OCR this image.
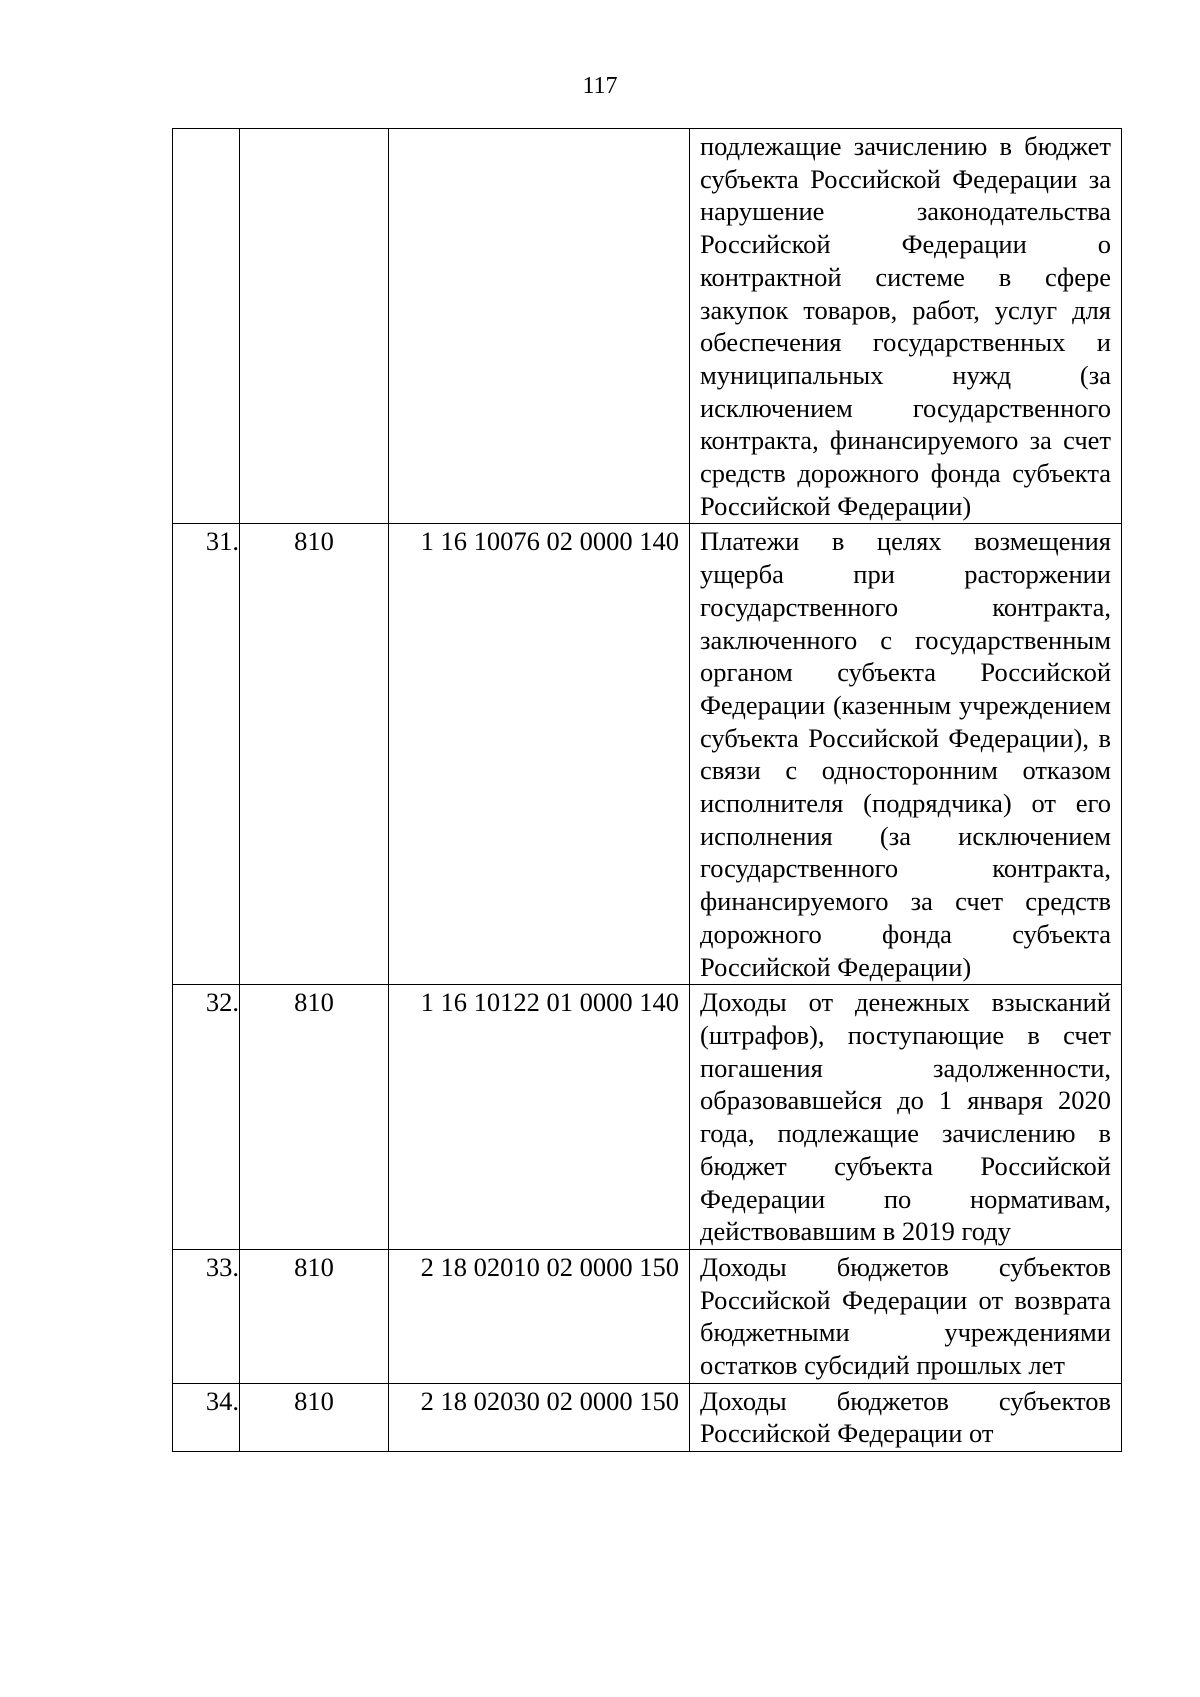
117
			подлежащие зачислению в бюджет субъекта Российской Федерации за нарушение законодательства Российской Федерации о контрактной системе в сфере закупок товаров, работ, услуг для обеспечения государственных и муниципальных нужд (за исключением государственного контракта, финансируемого за счет средств дорожного фонда субъекта Российской Федерации)
31.	810	1 16 10076 02 0000 140	Платежи в целях возмещения ущерба при расторжении государственного контракта, заключенного с государственным органом субъекта Российской Федерации (казенным учреждением субъекта Российской Федерации), в связи с односторонним отказом исполнителя (подрядчика) от его исполнения (за исключением государственного контракта, финансируемого за счет средств дорожного фонда субъекта Российской Федерации)
32.	810	1 16 10122 01 0000 140	Доходы от денежных взысканий (штрафов), поступающие в счет погашения задолженности, образовавшейся до 1 января 2020 года, подлежащие зачислению в бюджет субъекта Российской Федерации по нормативам, действовавшим в 2019 году
33.	810	2 18 02010 02 0000 150	Доходы бюджетов субъектов Российской Федерации от возврата бюджетными учреждениями остатков субсидий прошлых лет
34.	810	2 18 02030 02 0000 150	Доходы бюджетов субъектов Российской Федерации от
